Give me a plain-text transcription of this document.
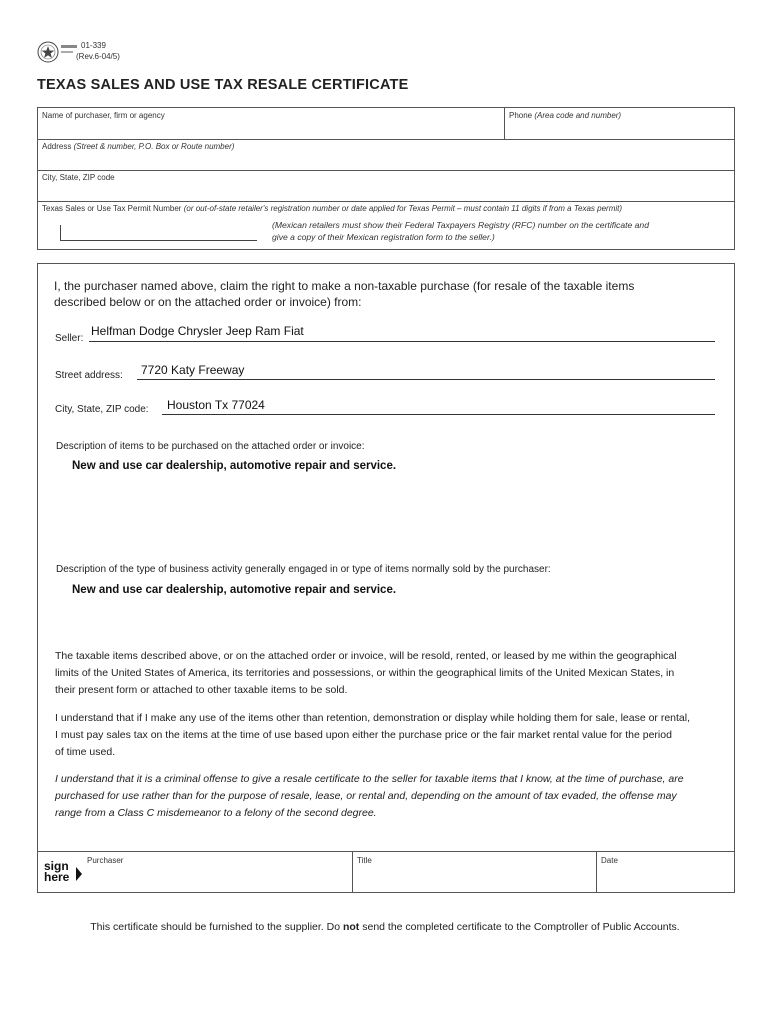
01-339
(Rev.6-04/5)
TEXAS SALES AND USE TAX RESALE CERTIFICATE
Name of purchaser, firm or agency	Phone (Area code and number)
Address (Street & number, P.O. Box or Route number)
City, State, ZIP code
Texas Sales or Use Tax Permit Number (or out-of-state retailer's registration number or date applied for Texas Permit – must contain 11 digits if from a Texas permit)
(Mexican retailers must show their Federal Taxpayers Registry (RFC) number on the certificate and
give a copy of their Mexican registration form to the seller.)
I, the purchaser named above, claim the right to make a non-taxable purchase (for resale of the taxable items
described below or on the attached order or invoice) from:
Seller:
Helfman Dodge Chrysler Jeep Ram Fiat
Street address: 7720 Katy Freeway
City, State, ZIP code: Houston Tx 77024
Description of items to be purchased on the attached order or invoice:
New and use car dealership, automotive repair and service.
Description of the type of business activity generally engaged in or type of items normally sold by the purchaser:
New and use car dealership, automotive repair and service.
The taxable items described above, or on the attached order or invoice, will be resold, rented, or leased by me within the geographical
limits of the United States of America, its territories and possessions, or within the geographical limits of the United Mexican States, in
their present form or attached to other taxable items to be sold.
I understand that if I make any use of the items other than retention, demonstration or display while holding them for sale, lease or rental,
I must pay sales tax on the items at the time of use based upon either the purchase price or the fair market rental value for the period
of time used.
I understand that it is a criminal offense to give a resale certificate to the seller for taxable items that I know, at the time of purchase, are
purchased for use rather than for the purpose of resale, lease, or rental and, depending on the amount of tax evaded, the offense may
range from a Class C misdemeanor to a felony of the second degree.
sign
here
Purchaser	Title	Date
This certificate should be furnished to the supplier. Do not send the completed certificate to the Comptroller of Public Accounts.
